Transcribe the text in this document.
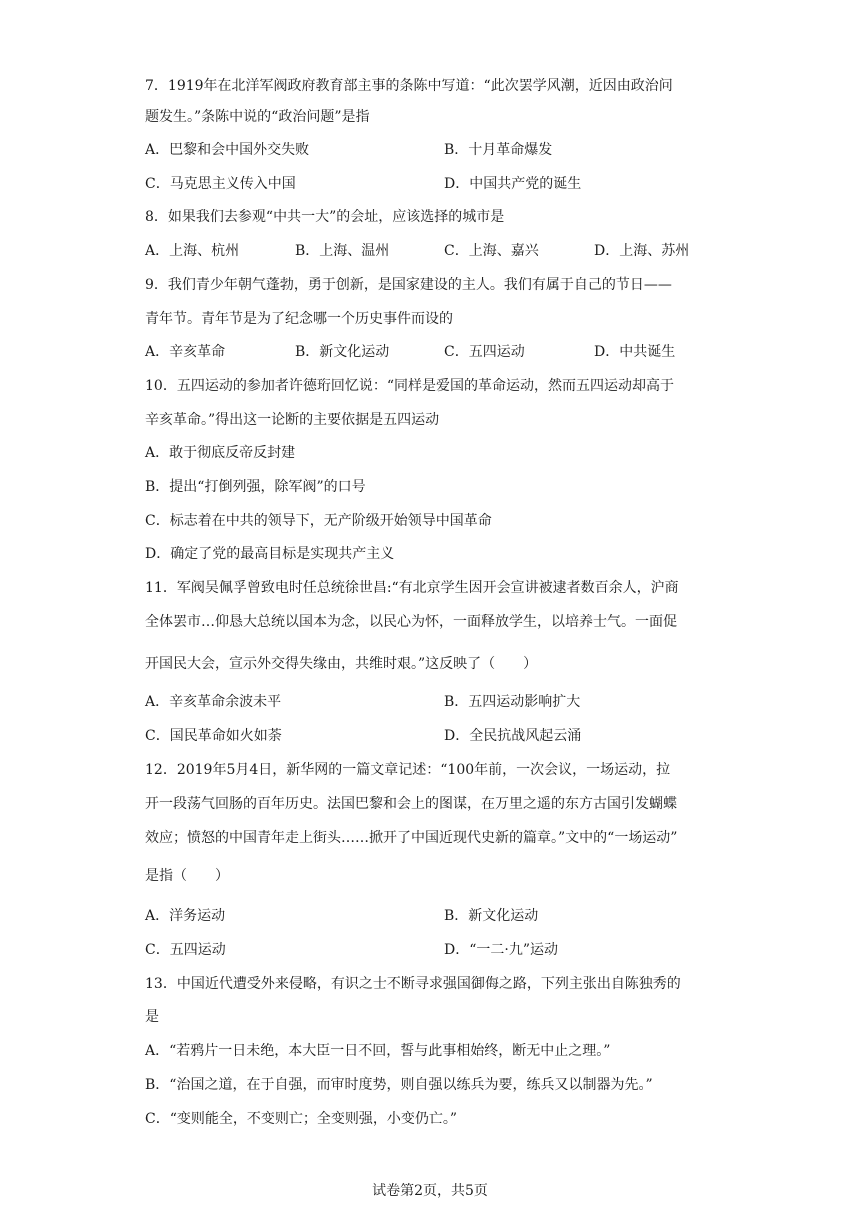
7．1919年在北洋军阀政府教育部主事的条陈中写道：“此次罢学风潮，近因由政治问
题发生。”条陈中说的“政治问题”是指
A．巴黎和会中国外交失败	B．十月革命爆发
C．马克思主义传入中国	D．中国共产党的诞生
8．如果我们去参观“中共一大”的会址，应该选择的城市是
A．上海、杭州	B．上海、温州	C．上海、嘉兴	D．上海、苏州
9．我们青少年朝气蓬勃，勇于创新，是国家建设的主人。我们有属于自己的节日——
青年节。青年节是为了纪念哪一个历史事件而设的
A．辛亥革命	B．新文化运动	C．五四运动	D．中共诞生
10．五四运动的参加者许德珩回忆说：“同样是爱国的革命运动，然而五四运动却高于
辛亥革命。”得出这一论断的主要依据是五四运动
A．敢于彻底反帝反封建
B．提出“打倒列强，除军阀”的口号
C．标志着在中共的领导下，无产阶级开始领导中国革命
D．确定了党的最高目标是实现共产主义
11．军阀吴佩孚曾致电时任总统徐世昌:“有北京学生因开会宣讲被逮者数百余人，沪商
全体罢市…仰恳大总统以国本为念，以民心为怀，一面释放学生，以培养士气。一面促
开国民大会，宣示外交得失缘由，共维时艰。”这反映了（　　）
A．辛亥革命余波未平	B．五四运动影响扩大
C．国民革命如火如荼	D．全民抗战风起云涌
12．2019年5月4日，新华网的一篇文章记述：“100年前，一次会议，一场运动，拉
开一段荡气回肠的百年历史。法国巴黎和会上的图谋，在万里之遥的东方古国引发蝴蝶
效应；愤怒的中国青年走上街头……掀开了中国近现代史新的篇章。”文中的“一场运动”
是指（　　）
A．洋务运动	B．新文化运动
C．五四运动	D．“一二·九”运动
13．中国近代遭受外来侵略，有识之士不断寻求强国御侮之路，下列主张出自陈独秀的
是
A．“若鸦片一日未绝，本大臣一日不回，誓与此事相始终，断无中止之理。”
B．“治国之道，在于自强，而审时度势，则自强以练兵为要，练兵又以制器为先。”
C．“变则能全，不变则亡；全变则强，小变仍亡。”
试卷第2页，共5页
